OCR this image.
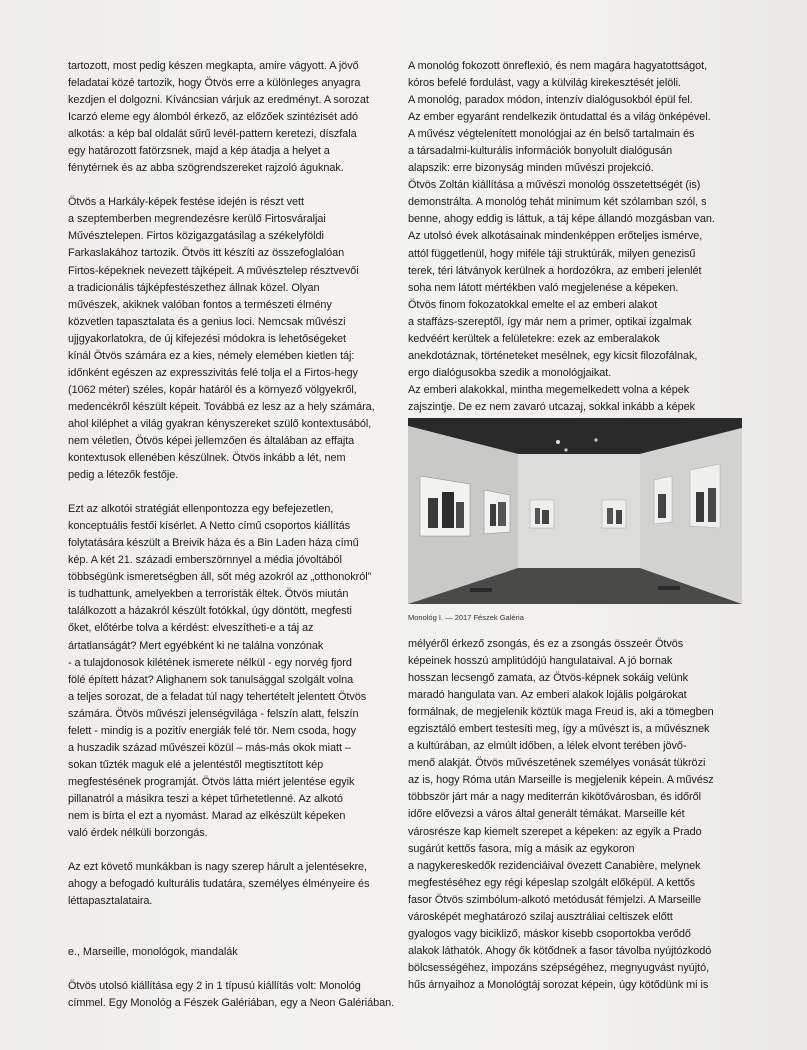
tartozott, most pedig készen megkapta, amire vágyott. A jövő
feladatai közé tartozik, hogy Ötvös erre a különleges anyagra
kezdjen el dolgozni. Kíváncsian várjuk az eredményt. A sorozat
Icarzó eleme egy álomból érkező, az előzőek szintézisét adó
alkotás: a kép bal oldalát sűrű levél-pattern keretezi, díszfala
egy határozott fatörzsnek, majd a kép átadja a helyet a
fénytérnek és az abba szögrendszereket rajzoló águknak.
Ötvös a Harkály-képek festése idején is részt vett
a szeptemberben megrendezésre kerülő Firtosváraljai
Művésztelepen. Firtos közigazgatásilag a székelyföldi
Farkaslakához tartozik. Ötvös itt készíti az összefoglalóan
Firtos-képeknek nevezett tájképeit. A művésztelep résztvevői
a tradicionális tájképfestészethez állnak közel. Olyan
művészek, akiknek valóban fontos a természeti élmény
közvetlen tapasztalata és a genius loci. Nemcsak művészi
ujjgyakorlatokra, de új kifejezési módokra is lehetőségeket
kínál Ötvös számára ez a kies, némely elemében kietlen táj:
időnként egészen az expresszivitás felé tolja el a Firtos-hegy
(1062 méter) széles, kopár határól és a környező völgyekről,
medencékről készült képeit. Továbbá ez lesz az a hely számára,
ahol kiléphet a világ gyakran kényszereket szülő kontextusából,
nem véletlen, Ötvös képei jellemzően és általában az effajta
kontextusok ellenében készülnek. Ötvös inkább a lét, nem
pedig a létezők festője.
Ezt az alkotói stratégiát ellenpontozza egy befejezetlen,
konceptuális festői kísérlet. A Netto című csoportos kiállítás
folytatására készült a Breivik háza és a Bin Laden háza című
kép. A két 21. századi emberszörnnyel a média jóvoltából
többségünk ismeretségben áll, sőt még azokról az „otthonokról”
is tudhattunk, amelyekben a terroristák éltek. Ötvös miután
találkozott a házakról készült fotókkal, úgy döntött, megfesti
őket, előtérbe tolva a kérdést: elveszítheti-e a táj az
ártatlanságát? Mert egyébként ki ne találna vonzónak
- a tulajdonosok kilétének ismerete nélkül - egy norvég fjord
fölé épített házat? Alighanem sok tanulsággal szolgált volna
a teljes sorozat, de a feladat túl nagy tehertételt jelentett Ötvös
számára. Ötvös művészi jelenségvilága - felszín alatt, felszín
felett - mindig is a pozitív energiák felé tör. Nem csoda, hogy
a huszadik század művészei közül – más-más okok miatt –
sokan tűzték maguk elé a jelentéstől megtisztított kép
megfestésének programját. Ötvös látta miért jelentése egyik
pillanatról a másikra teszi a képet tűrhetetlenné. Az alkotó
nem is bírta el ezt a nyomást. Marad az elkészült képeken
való érdek nélküli borzongás.
Az ezt követő munkákban is nagy szerep hárult a jelentésekre,
ahogy a befogadó kulturális tudatára, személyes élményeire és
léttapasztalataira.
e., Marseille, monológok, mandalák
Ötvös utolsó kiállítása egy 2 in 1 típusú kiállítás volt: Monológ
címmel. Egy Monológ a Fészek Galériában, egy a Neon Galériában.
A monológ fokozott önreflexió, és nem magára hagyatottságot,
kóros befelé fordulást, vagy a külvilág kirekesztését jelöli.
A monológ, paradox módon, intenzív dialógusokból épül fel.
Az ember egyaránt rendelkezik öntudattal és a világ önképével.
A művész végtelenített monológjai az én belső tartalmain és
a társadalmi-kulturális információk bonyolult dialógusán
alapszik: erre bizonyság minden művészi projekció.
Ötvös Zoltán kiállítása a művészi monológ összetettségét (is)
demonstrálta. A monológ tehát minimum két szólamban szól, s
benne, ahogy eddig is láttuk, a táj képe állandó mozgásban van.
Az utolsó évek alkotásainak mindenképpen erőteljes ismérve,
attól függetlenül, hogy miféle táji struktúrák, milyen genezisű
terek, téri látványok kerülnek a hordozókra, az emberi jelenlét
soha nem látott mértékben való megjelenése a képeken.
Ötvös finom fokozatokkal emelte el az emberi alakot
a staffázs-szereptől, így már nem a primer, optikai izgalmak
kedvéért kerültek a felületekre: ezek az emberalakok
anekdotáznak, történeteket mesélnek, egy kicsit filozofálnak,
ergo dialógusokba szedik a monológjaikat.
Az emberi alakokkal, mintha megemelkedett volna a képek
zajszintje. De ez nem zavaró utcazaj, sokkal inkább a képek
Monológ I. — 2017 Fészek Galéria
mélyéről érkező zsongás, és ez a zsongás összeér Ötvös
képeinek hosszú amplitúdójú hangulataival. A jó bornak
hosszan lecsengő zamata, az Ötvös-képnek sokáig velünk
maradó hangulata van. Az emberi alakok lojális polgárokat
formálnak, de megjelenik köztük maga Freud is, aki a tömegben
egzisztáló embert testesíti meg, így a művészt is, a művésznek
a kultúrában, az elmúlt időben, a lélek elvont terében jövő-
menő alakját. Ötvös művészetének személyes vonását tükrözi
az is, hogy Róma után Marseille is megjelenik képein. A művész
többször járt már a nagy mediterrán kikötővárosban, és időről
időre elővezsi a város által generált témákat. Marseille két
városrésze kap kiemelt szerepet a képeken: az egyik a Prado
sugárút kettős fasora, míg a másik az egykoron
a nagykereskedők rezidenciáival övezett Canabière, melynek
megfestéséhez egy régi képeslap szolgált előképül. A kettős
fasor Ötvös szimbólum-alkotó metódusát fémjelzi. A Marseille
városképét meghatározó szilaj ausztráliai celtiszek előtt
gyalogos vagy bicikliző, máskor kisebb csoportokba verődő
alakok láthatók. Ahogy ők kötődnek a fasor távolba nyújtózkodó
bölcsességéhez, impozáns szépségéhez, megnyugvást nyújtó,
hűs árnyaihoz a Monológtáj sorozat képein, úgy kötődünk mi is
